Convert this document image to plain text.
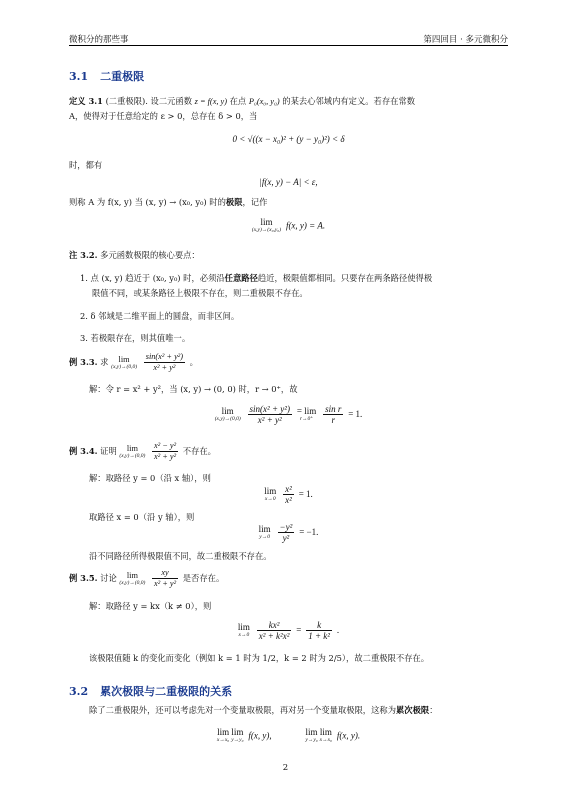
微积分的那些事	第四回目 · 多元微积分
3.1 二重极限
定义 3.1 (二重极限). 设二元函数 z = f(x, y) 在点 P₀(x₀, y₀) 的某去心邻域内有定义。若存在常数
A，使得对于任意给定的 ε > 0，总存在 δ > 0，当
0 < √((x − x₀)² + (y − y₀)²) < δ
时，都有
|f(x, y) − A| < ε,
则称 A 为 f(x, y) 当 (x, y) → (x₀, y₀) 时的极限，记作
lim
(x,y)→(x₀,y₀) f(x, y) = A.
注 3.2. 多元函数极限的核心要点：
1. 点 (x, y) 趋近于 (x₀, y₀) 时，必须沿任意路径趋近，极限值都相同。只要存在两条路径使得极
限值不同，或某条路径上极限不存在，则二重极限不存在。
2. δ 邻域是二维平面上的圆盘，而非区间。
3. 若极限存在，则其值唯一。
例 3.3. 求	lim
(x,y)→(0,0)
$\frac{\text{sin(x² + y²)}}{\text{x² + y²}}$ 。
解：令 r = x² + y²，当 (x, y) → (0, 0) 时，r → 0⁺，故
lim
(x,y)→(0,0)
$\frac{\text{sin(x² + y²)}}{\text{x² + y²}}$
= lim
r→0⁺
	$\frac{\text{sin r}}{r} = 1$.
例 3.4. 证明	lim
(x,y)→(0,0)
$\frac{\text{x² − y²}}{\text{x² + y²}}$ 不存在。
解：取路径 y = 0（沿 x 轴），则
lim
x→0
$\frac{\text{x²}}{\text{x²}} = 1$.
取路径 x = 0（沿 y 轴），则
lim
y→0
$\frac{\text{−y²}}{\text{y²}} = -1$.
沿不同路径所得极限值不同，故二重极限不存在。
例 3.5. 讨论	lim
(x,y)→(0,0)
$\frac{xy}{\text{x² + y²}}$ 是否存在。
解：取路径 y = kx（k ≠ 0），则
lim
x→0
$\frac{\text{kx²}}{\text{x² + k²x²}} = \frac{k}{\text{1 + k²}}$ .
该极限值随 k 的变化而变化（例如 k = 1 时为 1/2，k = 2 时为 2/5），故二重极限不存在。
3.2 累次极限与二重极限的关系
除了二重极限外，还可以考虑先对一个变量取极限，再对另一个变量取极限，这称为累次极限：
lim
x→x₀
lim
y→y₀ f(x, y),	lim
y→y₀
lim
x→x₀ f(x, y).
2
